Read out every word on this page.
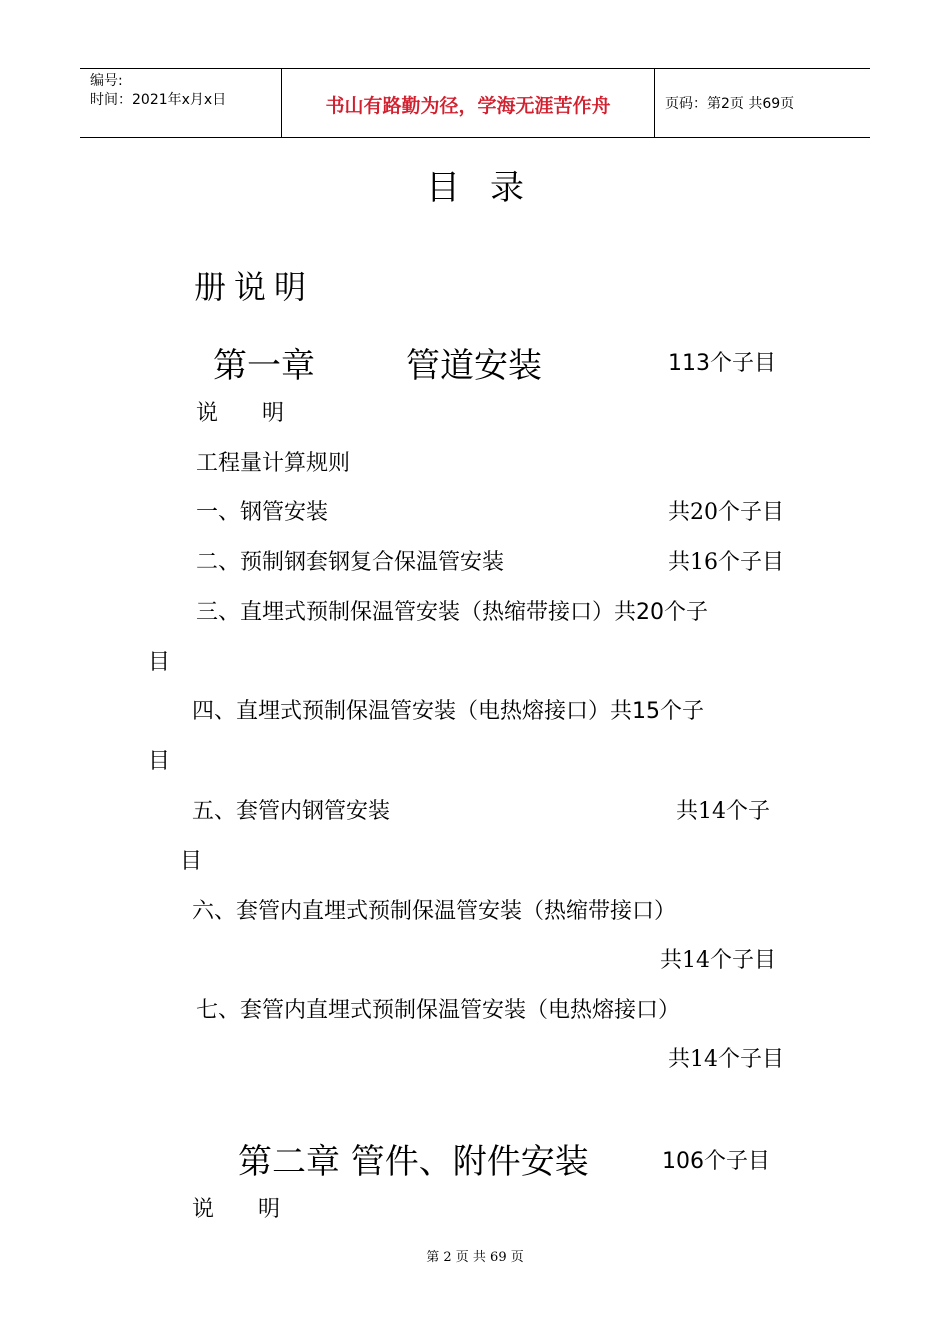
编号:
时间：2021年x月x日	书山有路勤为径，学海无涯苦作舟	页码：第2页 共69页
目录
册说明
第一章	管道安装	113个子目
说　　明
工程量计算规则
一、钢管安装	共20个子目
二、预制钢套钢复合保温管安装	共16个子目
三、直埋式预制保温管安装（热缩带接口）共20个子
目
四、直埋式预制保温管安装（电热熔接口）共15个子
目
五、套管内钢管安装	共14个子
目
六、套管内直埋式预制保温管安装（热缩带接口）
共14个子目
七、套管内直埋式预制保温管安装（电热熔接口）
共14个子目
第二章 管件、附件安装	106个子目
说　　明
第 2 页 共 69 页
